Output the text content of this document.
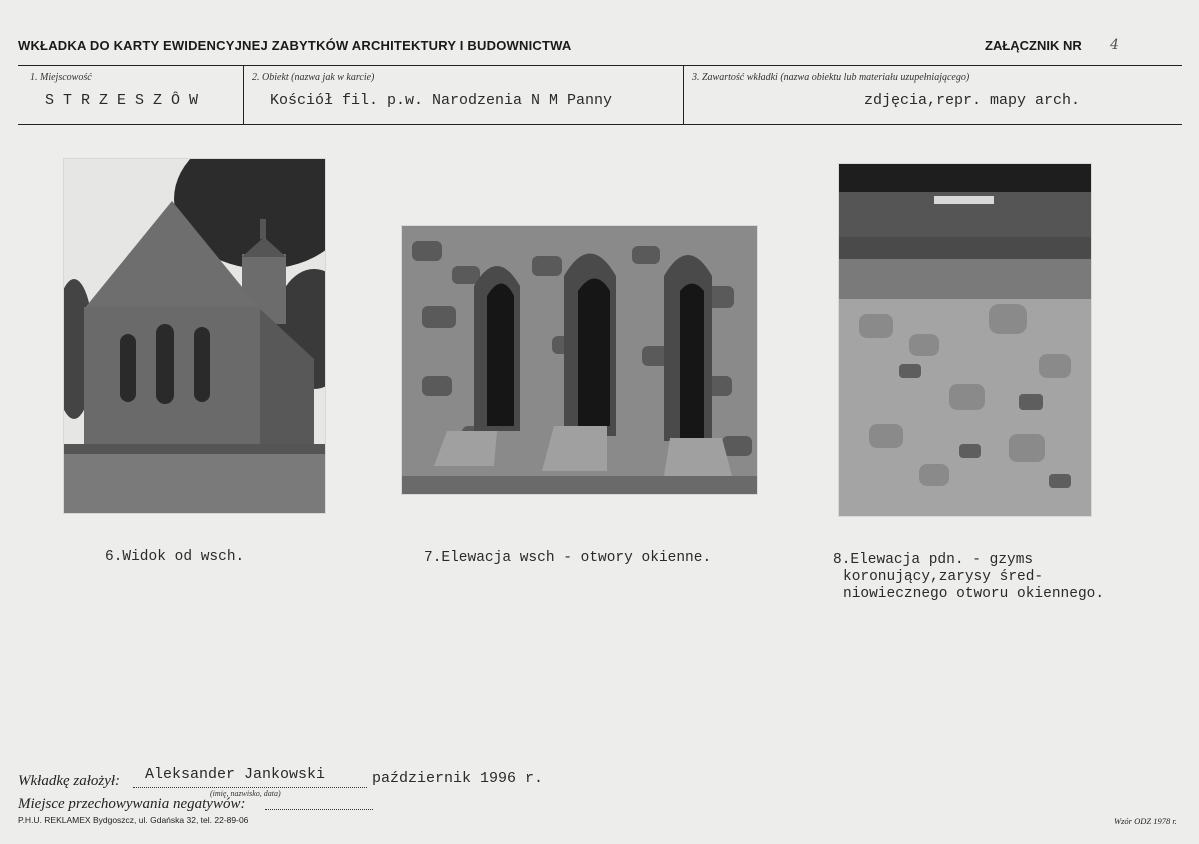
WKŁADKA DO KARTY EWIDENCYJNEJ ZABYTKÓW ARCHITEKTURY I BUDOWNICTWA	ZAŁĄCZNIK NR 4
1. Miejscowość
S T R Z E S Z Ȏ W
2. Obiekt (nazwa jak w karcie)
Kościół fil. p.w. Narodzenia N M Panny
3. Zawartość wkładki (nazwa obiektu lub materiału uzupełniającego)
zdjęcia,repr. mapy arch.
6.Widok od wsch.	7.Elewacja wsch - otwory okienne.	8.Elewacja pdn. - gzyms
koronujący,zarysy śred-
niowiecznego otworu okiennego.
Wkładkę założył: Aleksander Jankowski	październik 1996 r.
(imię, nazwisko, data)
Miejsce przechowywania negatywów:
P.H.U. REKLAMEX Bydgoszcz, ul. Gdańska 32, tel. 22-89-06	Wzór ODZ 1978 r.
